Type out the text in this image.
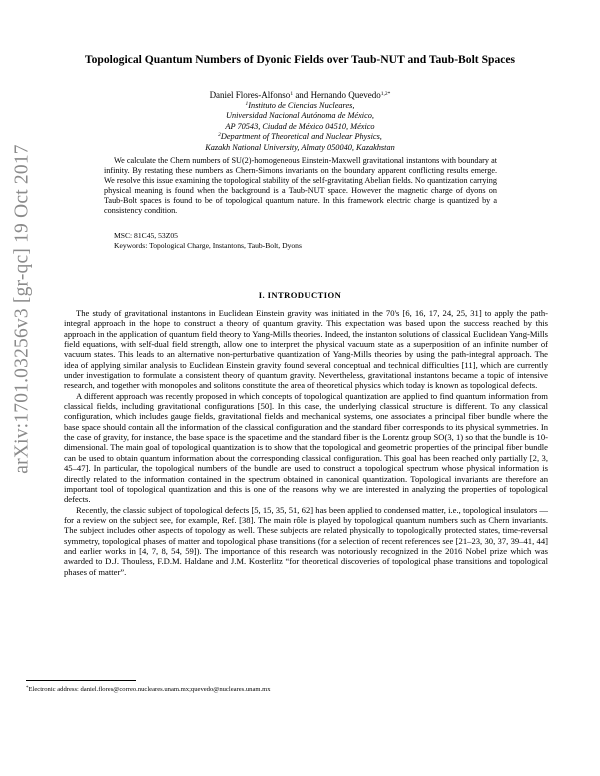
arXiv:1701.03256v3 [gr-qc] 19 Oct 2017
Topological Quantum Numbers of Dyonic Fields over Taub-NUT and Taub-Bolt Spaces
Daniel Flores-Alfonso$^1$ and Hernando Quevedo$^{1,2*}$
$^1$Instituto de Ciencias Nucleares,
Universidad Nacional Autónoma de México,
AP 70543, Ciudad de México 04510, México
$^2$Department of Theoretical and Nuclear Physics,
Kazakh National University, Almaty 050040, Kazakhstan
We calculate the Chern numbers of SU(2)-homogeneous Einstein-Maxwell gravitational instantons with boundary at infinity. By restating these numbers as Chern-Simons invariants on the boundary apparent conflicting results emerge. We resolve this issue examining the topological stability of the self-gravitating Abelian fields. No quantization carrying physical meaning is found when the background is a Taub-NUT space. However the magnetic charge of dyons on Taub-Bolt spaces is found to be of topological quantum nature. In this framework electric charge is quantized by a consistency condition.
MSC: 81C45, 53Z05
Keywords: Topological Charge, Instantons, Taub-Bolt, Dyons
I. INTRODUCTION

The study of gravitational instantons in Euclidean Einstein gravity was initiated in the 70's [6, 16, 17, 24, 25, 31] to apply the path-integral approach in the hope to construct a theory of quantum gravity. This expectation was based upon the success reached by this approach in the application of quantum field theory to Yang-Mills theories. Indeed, the instanton solutions of classical Euclidean Yang-Mills field equations, with self-dual field strength, allow one to interpret the physical vacuum state as a superposition of an infinite number of vacuum states. This leads to an alternative non-perturbative quantization of Yang-Mills theories by using the path-integral approach. The idea of applying similar analysis to Euclidean Einstein gravity found several conceptual and technical difficulties [11], which are currently under investigation to formulate a consistent theory of quantum gravity. Nevertheless, gravitational instantons became a topic of intensive research, and together with monopoles and solitons constitute the area of theoretical physics which today is known as topological defects.

A different approach was recently proposed in which concepts of topological quantization are applied to find quantum information from classical fields, including gravitational configurations [50]. In this case, the underlying classical structure is different. To any classical configuration, which includes gauge fields, gravitational fields and mechanical systems, one associates a principal fiber bundle where the base space should contain all the information of the classical configuration and the standard fiber corresponds to its physical symmetries. In the case of gravity, for instance, the base space is the spacetime and the standard fiber is the Lorentz group SO(3, 1) so that the bundle is 10-dimensional. The main goal of topological quantization is to show that the topological and geometric properties of the principal fiber bundle can be used to obtain quantum information about the corresponding classical configuration. This goal has been reached only partially [2, 3, 45–47]. In particular, the topological numbers of the bundle are used to construct a topological spectrum whose physical information is directly related to the information contained in the spectrum obtained in canonical quantization. Topological invariants are therefore an important tool of topological quantization and this is one of the reasons why we are interested in analyzing the properties of topological defects.

Recently, the classic subject of topological defects [5, 15, 35, 51, 62] has been applied to condensed matter, i.e., topological insulators — for a review on the subject see, for example, Ref. [38]. The main rôle is played by topological quantum numbers such as Chern invariants. The subject includes other aspects of topology as well. These subjects are related physically to topologically protected states, time-reversal symmetry, topological phases of matter and topological phase transitions (for a selection of recent references see [21–23, 30, 37, 39–41, 44] and earlier works in [4, 7, 8, 54, 59]). The importance of this research was notoriously recognized in the 2016 Nobel prize which was awarded to D.J. Thouless, F.D.M. Haldane and J.M. Kosterlitz “for theoretical discoveries of topological phase transitions and topological phases of matter”.

*Electronic address: daniel.flores@correo.nucleares.unam.mx;quevedo@nucleares.unam.mx
